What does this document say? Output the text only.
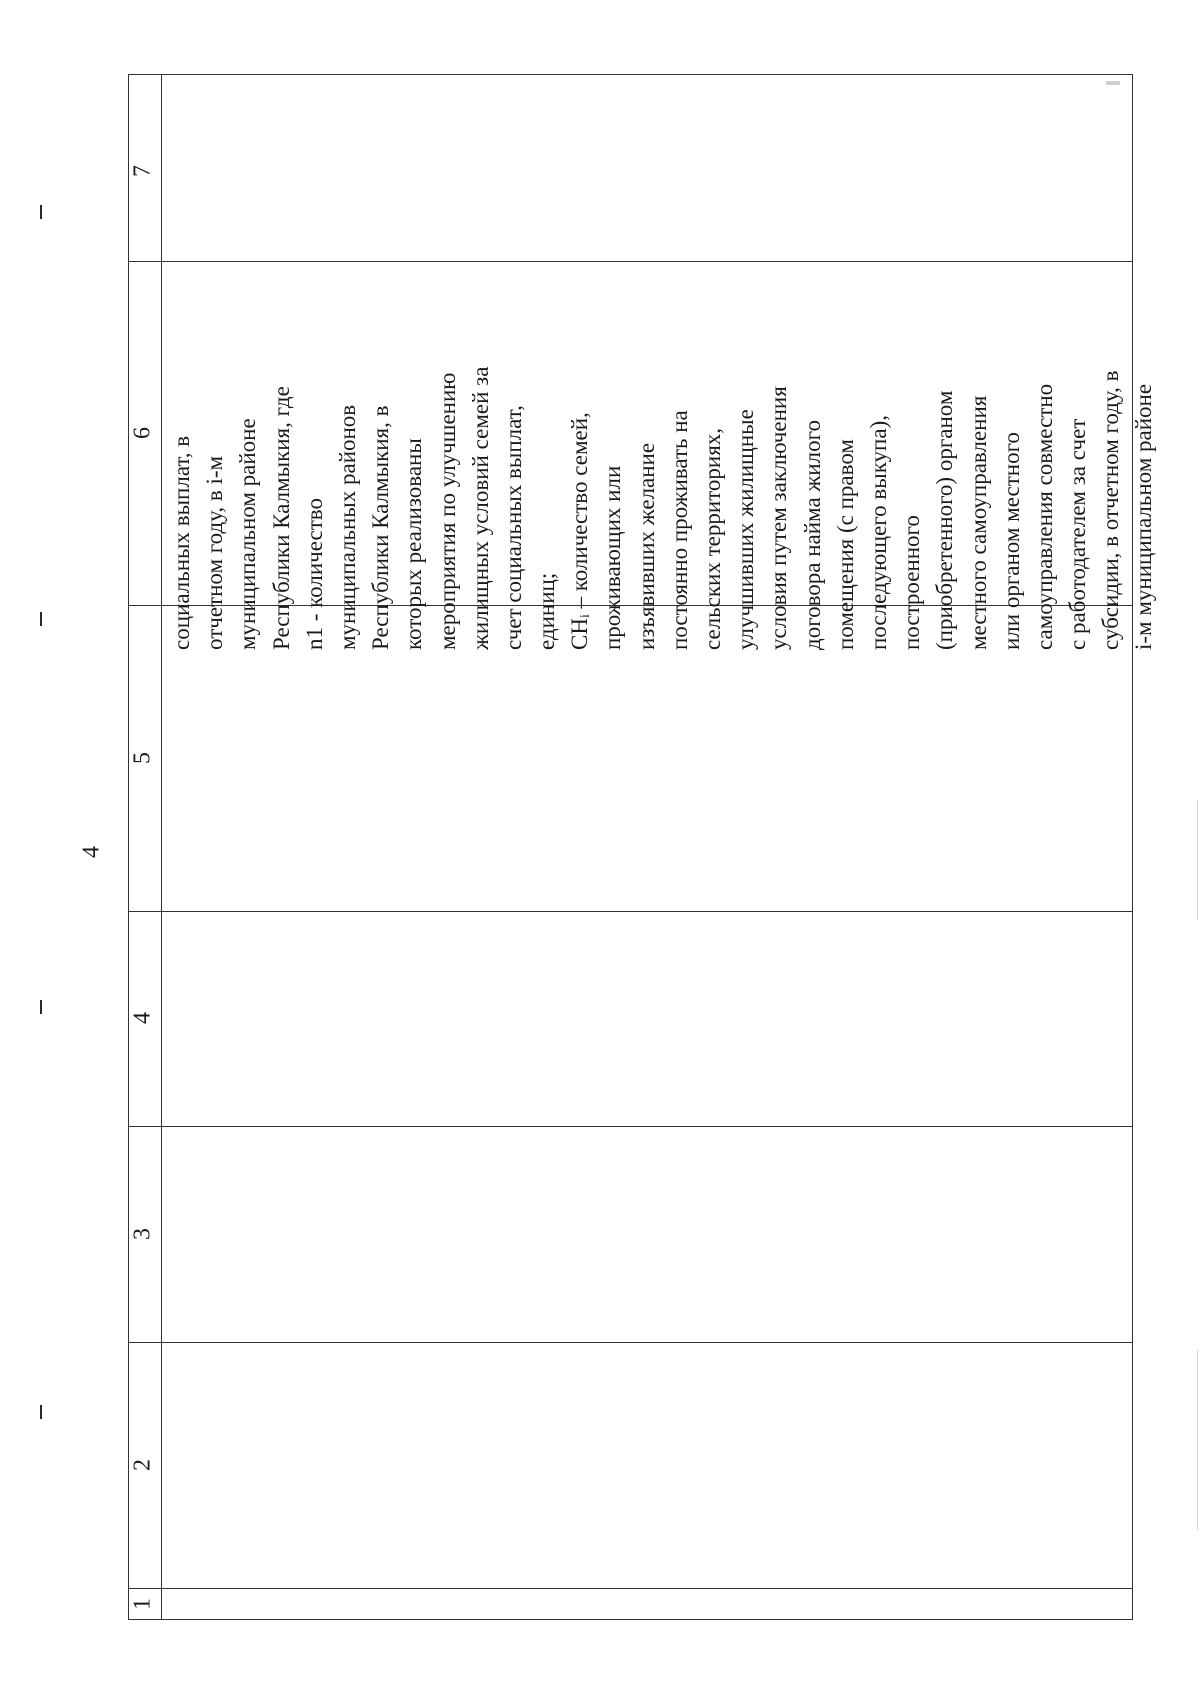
4
7
6
5
4
3
2
1
социальных выплат, в отчетном году, в i-м муниципальном районе Республики Калмыкия, где n1 - количество муниципальных районов Республики Калмыкия, в которых реализованы мероприятия по улучшению жилищных условий семей за счет социальных выплат, единиц; CHᵢ – количество семей, проживающих или изъявивших желание постоянно проживать на сельских территориях, улучшивших жилищные условия путем заключения договора найма жилого помещения (с правом последующего выкупа), построенного (приобретенного) органом местного самоуправления или органом местного самоуправления совместно с работодателем за счет субсидии, в отчетном году, в i-м муниципальном районе
